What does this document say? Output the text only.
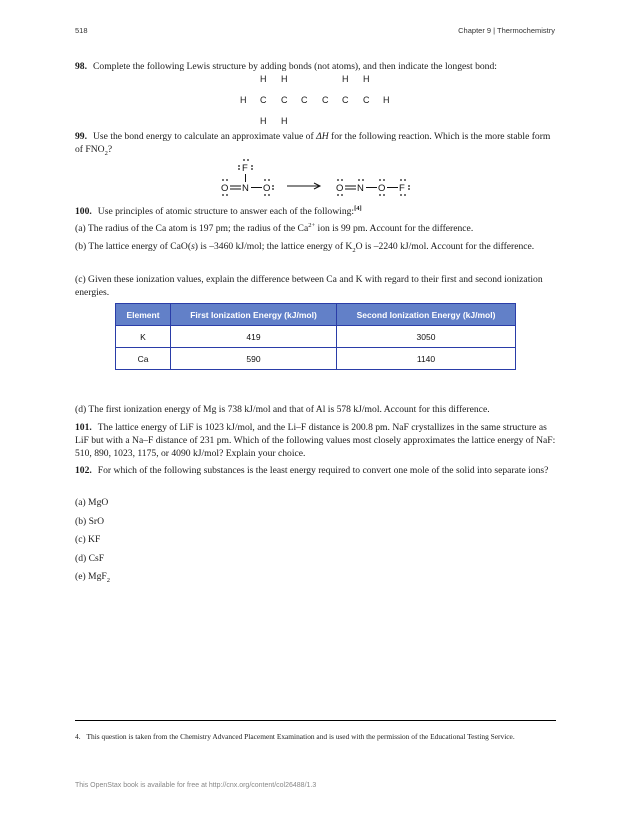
518	Chapter 9 | Thermochemistry
98. Complete the following Lewis structure by adding bonds (not atoms), and then indicate the longest bond:
H H	H H
H C C C C C C H
H H
99. Use the bond energy to calculate an approximate value of ΔH for the following reaction. Which is the more stable form of $FNO_2$?
F
O N O	O N O F
100. Use principles of atomic structure to answer each of the following:[4]
(a) The radius of the Ca atom is 197 pm; the radius of the $Ca^{2+}$ ion is 99 pm. Account for the difference.
(b) The lattice energy of CaO(s) is –3460 kJ/mol; the lattice energy of $K_2O$ is –2240 kJ/mol. Account for the difference.
(c) Given these ionization values, explain the difference between Ca and K with regard to their first and second ionization energies.
Element	First Ionization Energy (kJ/mol)	Second Ionization Energy (kJ/mol)
K	419	3050
Ca	590	1140
(d) The first ionization energy of Mg is 738 kJ/mol and that of Al is 578 kJ/mol. Account for this difference.
101. The lattice energy of LiF is 1023 kJ/mol, and the Li–F distance is 200.8 pm. NaF crystallizes in the same structure as LiF but with a Na–F distance of 231 pm. Which of the following values most closely approximates the lattice energy of NaF: 510, 890, 1023, 1175, or 4090 kJ/mol? Explain your choice.
102. For which of the following substances is the least energy required to convert one mole of the solid into separate ions?
(a) MgO
(b) SrO
(c) KF
(d) CsF
(e) MgF$_2$
4. This question is taken from the Chemistry Advanced Placement Examination and is used with the permission of the Educational Testing Service.
This OpenStax book is available for free at http://cnx.org/content/col26488/1.3
